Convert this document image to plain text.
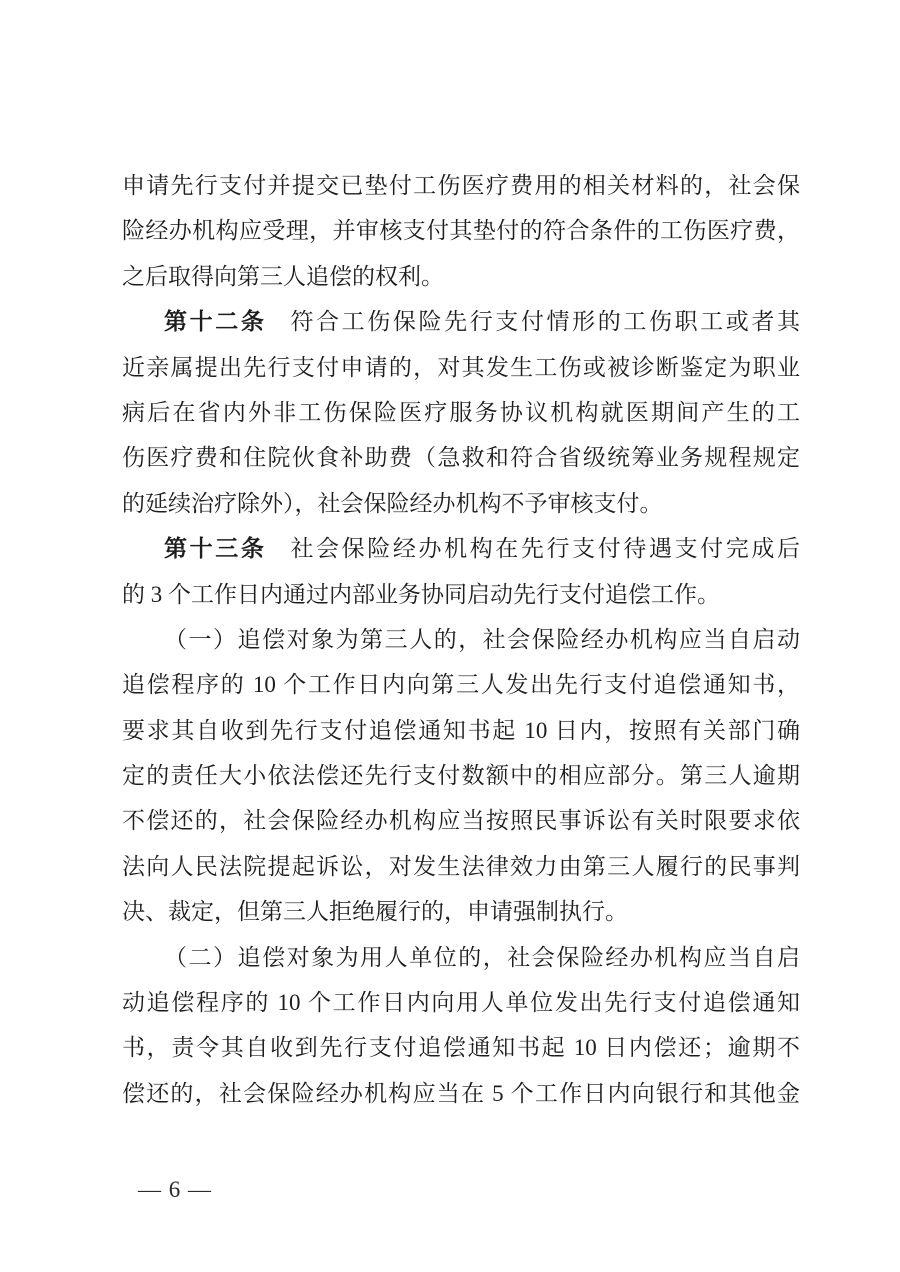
申请先行支付并提交已垫付工伤医疗费用的相关材料的，社会保
险经办机构应受理，并审核支付其垫付的符合条件的工伤医疗费，
之后取得向第三人追偿的权利。
第十二条 符合工伤保险先行支付情形的工伤职工或者其
近亲属提出先行支付申请的，对其发生工伤或被诊断鉴定为职业
病后在省内外非工伤保险医疗服务协议机构就医期间产生的工
伤医疗费和住院伙食补助费（急救和符合省级统筹业务规程规定
的延续治疗除外），社会保险经办机构不予审核支付。
第十三条 社会保险经办机构在先行支付待遇支付完成后
的 3 个工作日内通过内部业务协同启动先行支付追偿工作。
（一）追偿对象为第三人的，社会保险经办机构应当自启动
追偿程序的 10 个工作日内向第三人发出先行支付追偿通知书，
要求其自收到先行支付追偿通知书起 10 日内，按照有关部门确
定的责任大小依法偿还先行支付数额中的相应部分。第三人逾期
不偿还的，社会保险经办机构应当按照民事诉讼有关时限要求依
法向人民法院提起诉讼，对发生法律效力由第三人履行的民事判
决、裁定，但第三人拒绝履行的，申请强制执行。
（二）追偿对象为用人单位的，社会保险经办机构应当自启
动追偿程序的 10 个工作日内向用人单位发出先行支付追偿通知
书，责令其自收到先行支付追偿通知书起 10 日内偿还；逾期不
偿还的，社会保险经办机构应当在 5 个工作日内向银行和其他金
— 6 —
